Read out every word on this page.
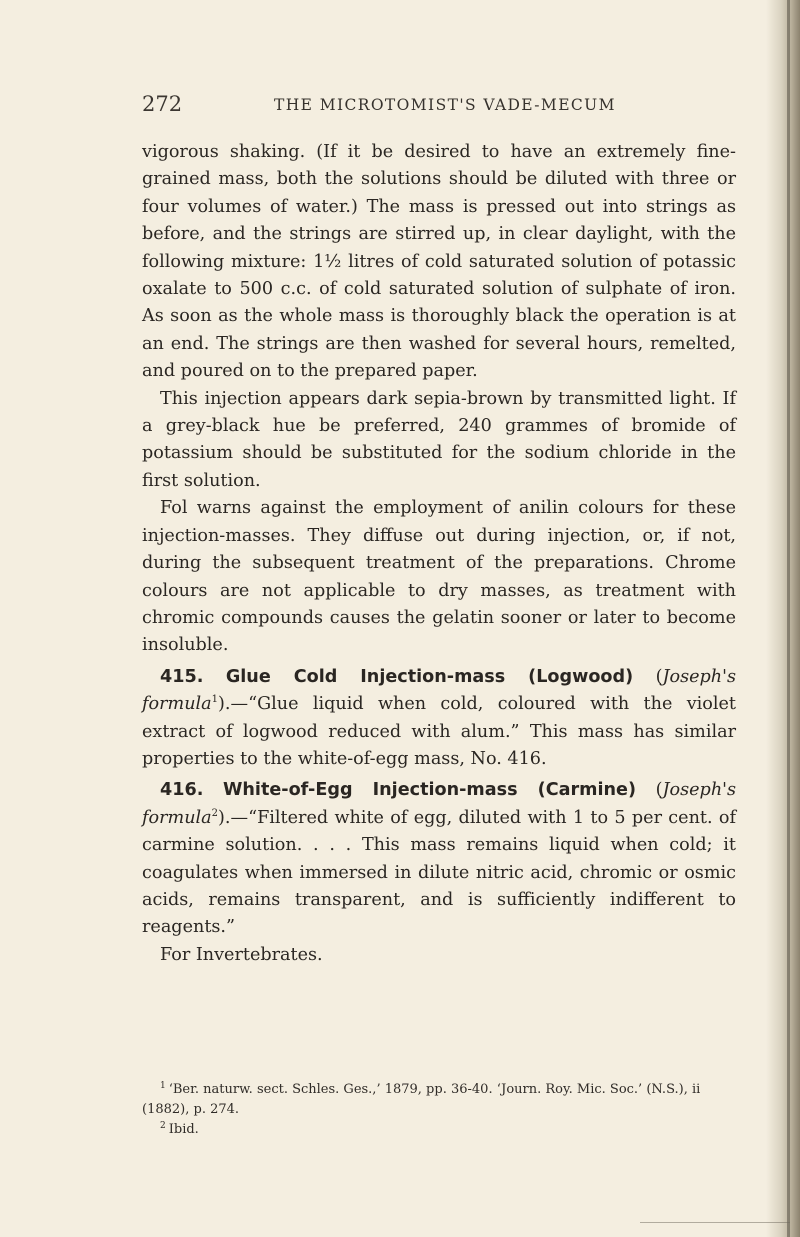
272	THE MICROTOMIST'S VADE-MECUM

vigorous shaking. (If it be desired to have an extremely fine-grained mass, both the solutions should be diluted with three or four volumes of water.) The mass is pressed out into strings as before, and the strings are stirred up, in clear daylight, with the following mixture: 1½ litres of cold saturated solution of potassic oxalate to 500 c.c. of cold saturated solution of sulphate of iron. As soon as the whole mass is thoroughly black the operation is at an end. The strings are then washed for several hours, remelted, and poured on to the prepared paper.

This injection appears dark sepia-brown by transmitted light. If a grey-black hue be preferred, 240 grammes of bromide of potassium should be substituted for the sodium chloride in the first solution.

Fol warns against the employment of anilin colours for these injection-masses. They diffuse out during injection, or, if not, during the subsequent treatment of the preparations. Chrome colours are not applicable to dry masses, as treatment with chromic compounds causes the gelatin sooner or later to become insoluble.

415. Glue Cold Injection-mass (Logwood) (Joseph's formula$^1$).—“Glue liquid when cold, coloured with the violet extract of logwood reduced with alum.” This mass has similar properties to the white-of-egg mass, No. 416.

416. White-of-Egg Injection-mass (Carmine) (Joseph's formula$^2$).—“Filtered white of egg, diluted with 1 to 5 per cent. of carmine solution. . . . This mass remains liquid when cold; it coagulates when immersed in dilute nitric acid, chromic or osmic acids, remains transparent, and is sufficiently indifferent to reagents.”

For Invertebrates.

$^1$ ‘Ber. naturw. sect. Schles. Ges.,’ 1879, pp. 36-40. ‘Journ. Roy. Mic. Soc.’ (N.S.), ii (1882), p. 274.

$^2$ Ibid.
